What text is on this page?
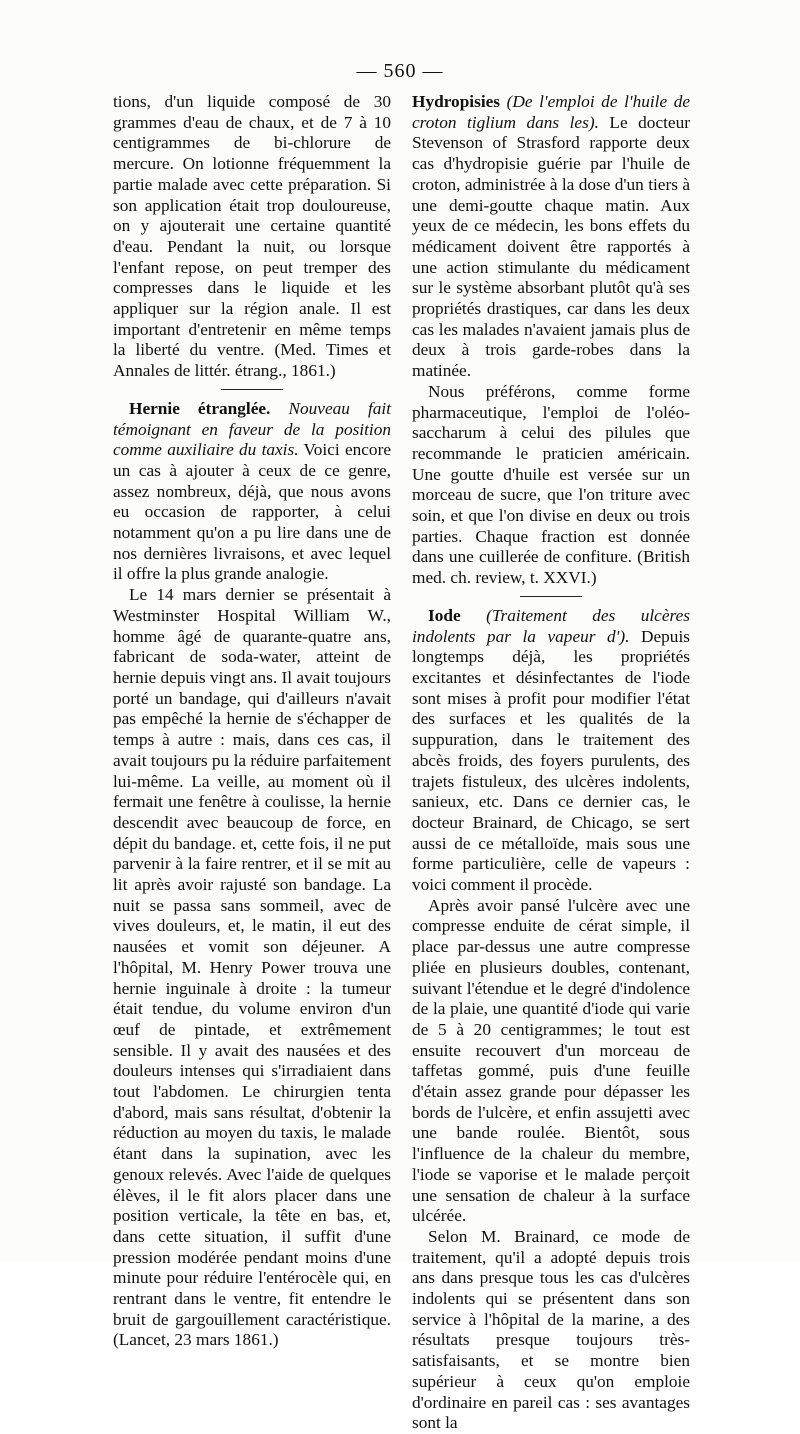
— 560 —

tions, d'un liquide composé de 30 grammes d'eau de chaux, et de 7 à 10 centigrammes de bi-chlorure de mercure. On lotionne fréquemment la partie malade avec cette préparation. Si son application était trop douloureuse, on y ajouterait une certaine quantité d'eau. Pendant la nuit, ou lorsque l'enfant repose, on peut tremper des compresses dans le liquide et les appliquer sur la région anale. Il est important d'entretenir en même temps la liberté du ventre. (Med. Times et Annales de littér. étrang., 1861.)

Hernie étranglée. Nouveau fait témoignant en faveur de la position comme auxiliaire du taxis. Voici encore un cas à ajouter à ceux de ce genre, assez nombreux, déjà, que nous avons eu occasion de rapporter, à celui notamment qu'on a pu lire dans une de nos dernières livraisons, et avec lequel il offre la plus grande analogie.

Le 14 mars dernier se présentait à Westminster Hospital William W., homme âgé de quarante-quatre ans, fabricant de soda-water, atteint de hernie depuis vingt ans. Il avait toujours porté un bandage, qui d'ailleurs n'avait pas empêché la hernie de s'échapper de temps à autre : mais, dans ces cas, il avait toujours pu la réduire parfaitement lui-même. La veille, au moment où il fermait une fenêtre à coulisse, la hernie descendit avec beaucoup de force, en dépit du bandage. et, cette fois, il ne put parvenir à la faire rentrer, et il se mit au lit après avoir rajusté son bandage. La nuit se passa sans sommeil, avec de vives douleurs, et, le matin, il eut des nausées et vomit son déjeuner. A l'hôpital, M. Henry Power trouva une hernie inguinale à droite : la tumeur était tendue, du volume environ d'un œuf de pintade, et extrêmement sensible. Il y avait des nausées et des douleurs intenses qui s'irradiaient dans tout l'abdomen. Le chirurgien tenta d'abord, mais sans résultat, d'obtenir la réduction au moyen du taxis, le malade étant dans la supination, avec les genoux relevés. Avec l'aide de quelques élèves, il le fit alors placer dans une position verticale, la tête en bas, et, dans cette situation, il suffit d'une pression modérée pendant moins d'une minute pour réduire l'entérocèle qui, en rentrant dans le ventre, fit entendre le bruit de gargouillement caractéristique. (Lancet, 23 mars 1861.)

Hydropisies (De l'emploi de l'huile de croton tiglium dans les). Le docteur Stevenson of Strasford rapporte deux cas d'hydropisie guérie par l'huile de croton, administrée à la dose d'un tiers à une demi-goutte chaque matin. Aux yeux de ce médecin, les bons effets du médicament doivent être rapportés à une action stimulante du médicament sur le système absorbant plutôt qu'à ses propriétés drastiques, car dans les deux cas les malades n'avaient jamais plus de deux à trois garde-robes dans la matinée.

Nous préférons, comme forme pharmaceutique, l'emploi de l'oléo-saccharum à celui des pilules que recommande le praticien américain. Une goutte d'huile est versée sur un morceau de sucre, que l'on triture avec soin, et que l'on divise en deux ou trois parties. Chaque fraction est donnée dans une cuillerée de confiture. (British med. ch. review, t. XXVI.)

Iode (Traitement des ulcères indolents par la vapeur d'). Depuis longtemps déjà, les propriétés excitantes et désinfectantes de l'iode sont mises à profit pour modifier l'état des surfaces et les qualités de la suppuration, dans le traitement des abcès froids, des foyers purulents, des trajets fistuleux, des ulcères indolents, sanieux, etc. Dans ce dernier cas, le docteur Brainard, de Chicago, se sert aussi de ce métalloïde, mais sous une forme particulière, celle de vapeurs : voici comment il procède.

Après avoir pansé l'ulcère avec une compresse enduite de cérat simple, il place par-dessus une autre compresse pliée en plusieurs doubles, contenant, suivant l'étendue et le degré d'indolence de la plaie, une quantité d'iode qui varie de 5 à 20 centigrammes; le tout est ensuite recouvert d'un morceau de taffetas gommé, puis d'une feuille d'étain assez grande pour dépasser les bords de l'ulcère, et enfin assujetti avec une bande roulée. Bientôt, sous l'influence de la chaleur du membre, l'iode se vaporise et le malade perçoit une sensation de chaleur à la surface ulcérée.

Selon M. Brainard, ce mode de traitement, qu'il a adopté depuis trois ans dans presque tous les cas d'ulcères indolents qui se présentent dans son service à l'hôpital de la marine, a des résultats presque toujours très-satisfaisants, et se montre bien supérieur à ceux qu'on emploie d'ordinaire en pareil cas : ses avantages sont la
